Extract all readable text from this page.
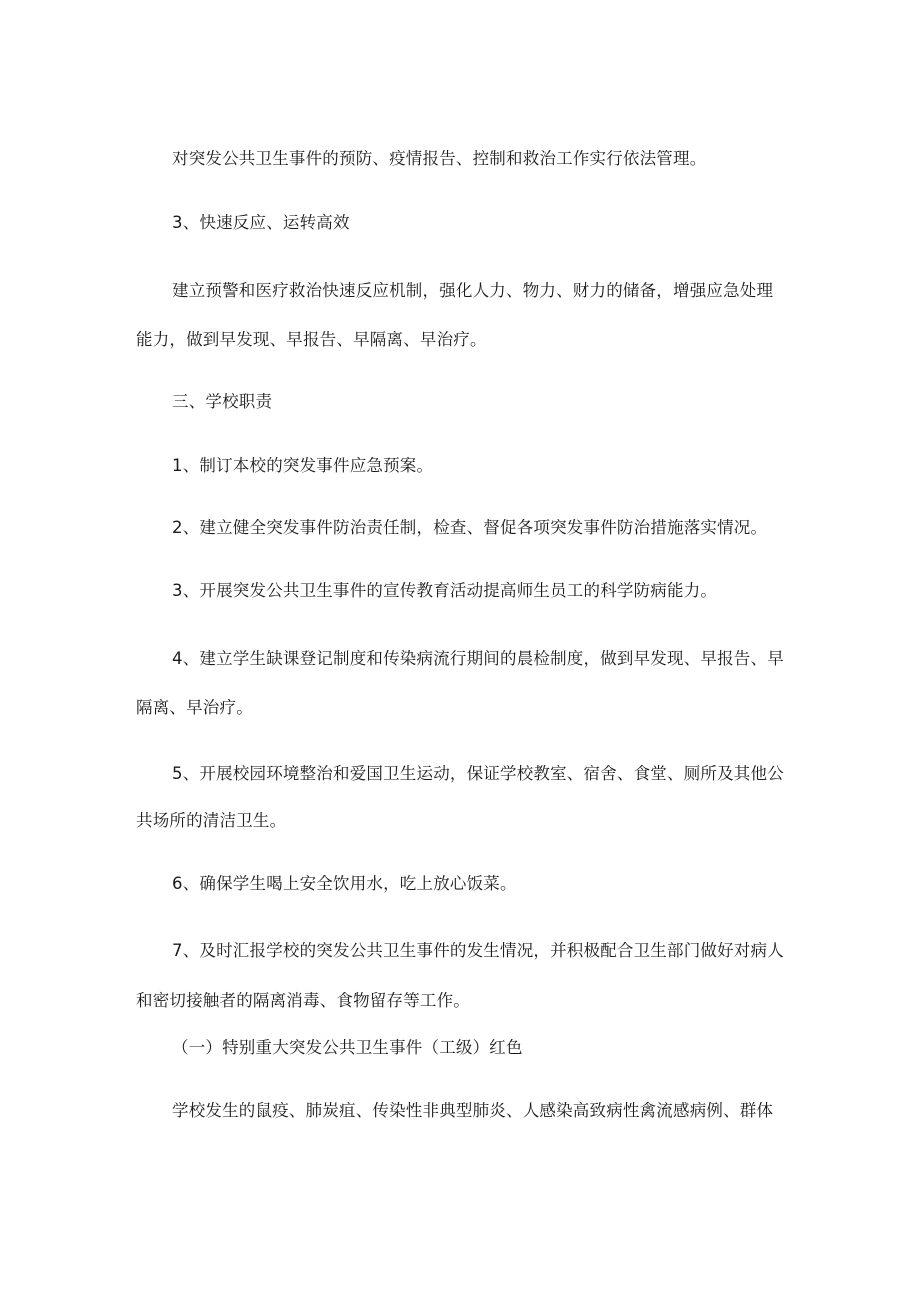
对突发公共卫生事件的预防、疫情报告、控制和救治工作实行依法管理。
3、快速反应、运转高效
建立预警和医疗救治快速反应机制，强化人力、物力、财力的储备，增强应急处理
能力，做到早发现、早报告、早隔离、早治疗。
三、学校职责
1、制订本校的突发事件应急预案。
2、建立健全突发事件防治责任制，检查、督促各项突发事件防治措施落实情况。
3、开展突发公共卫生事件的宣传教育活动提高师生员工的科学防病能力。
4、建立学生缺课登记制度和传染病流行期间的晨检制度，做到早发现、早报告、早
隔离、早治疗。
5、开展校园环境整治和爱国卫生运动，保证学校教室、宿舍、食堂、厕所及其他公
共场所的清洁卫生。
6、确保学生喝上安全饮用水，吃上放心饭菜。
7、及时汇报学校的突发公共卫生事件的发生情况，并积极配合卫生部门做好对病人
和密切接触者的隔离消毒、食物留存等工作。
（一）特别重大突发公共卫生事件（工级）红色
学校发生的鼠疫、肺炭疽、传染性非典型肺炎、人感染高致病性禽流感病例、群体
